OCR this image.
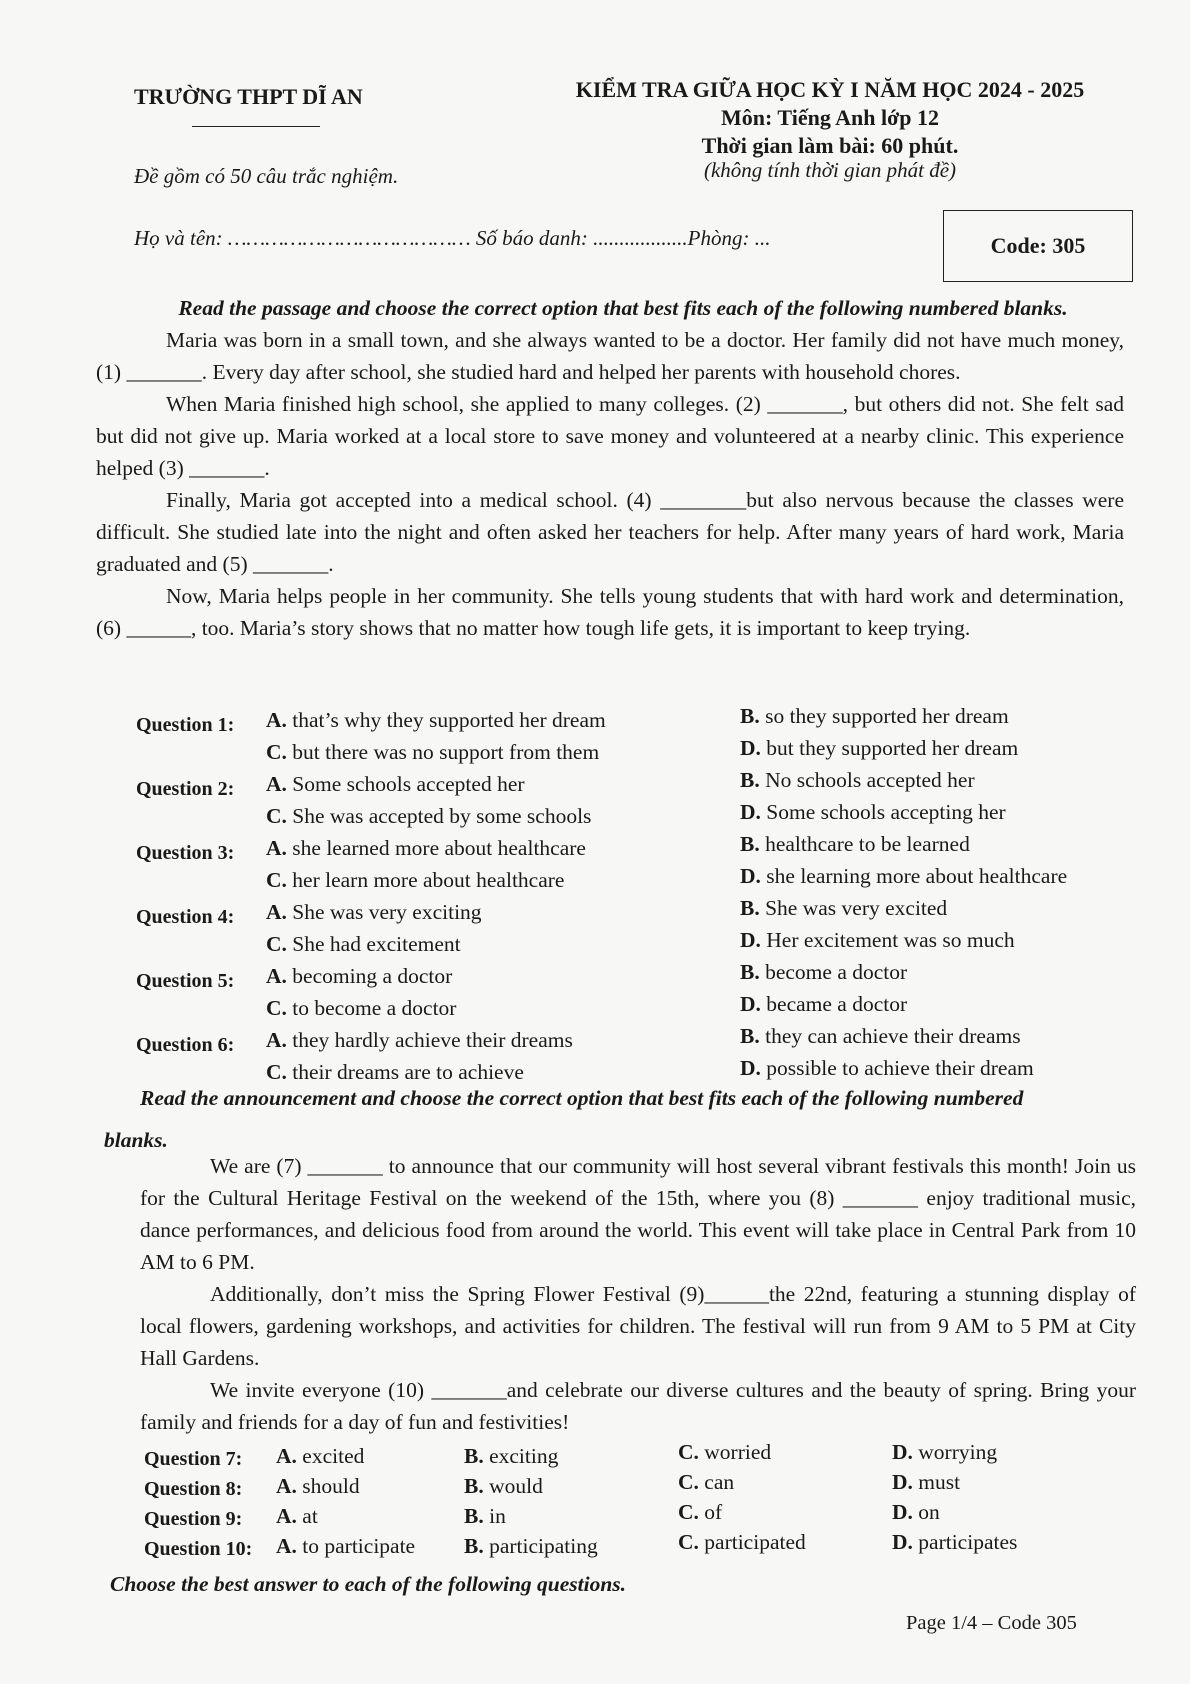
TRƯỜNG THPT DĨ AN	KIỂM TRA GIỮA HỌC KỲ I NĂM HỌC 2024 - 2025
Môn: Tiếng Anh lớp 12
Thời gian làm bài: 60 phút.
(không tính thời gian phát đề)
Đề gồm có 50 câu trắc nghiệm.
Họ và tên: ………………………………… Số báo danh: ..................Phòng: ...	Code: 305
Read the passage and choose the correct option that best fits each of the following numbered blanks.

Maria was born in a small town, and she always wanted to be a doctor. Her family did not have much money, (1) _______. Every day after school, she studied hard and helped her parents with household chores.

When Maria finished high school, she applied to many colleges. (2) _______, but others did not. She felt sad but did not give up. Maria worked at a local store to save money and volunteered at a nearby clinic. This experience helped (3) _______.

Finally, Maria got accepted into a medical school. (4) ________but also nervous because the classes were difficult. She studied late into the night and often asked her teachers for help. After many years of hard work, Maria graduated and (5) _______.

Now, Maria helps people in her community. She tells young students that with hard work and determination, (6) ______, too. Maria’s story shows that no matter how tough life gets, it is important to keep trying.

Question 1: A. that’s why they supported her dream	B. so they supported her dream
C. but there was no support from them	D. but they supported her dream
Question 2: A. Some schools accepted her	B. No schools accepted her
C. She was accepted by some schools	D. Some schools accepting her
Question 3: A. she learned more about healthcare	B. healthcare to be learned
C. her learn more about healthcare	D. she learning more about healthcare
Question 4: A. She was very exciting	B. She was very excited
C. She had excitement	D. Her excitement was so much
Question 5: A. becoming a doctor	B. become a doctor
C. to become a doctor	D. became a doctor
Question 6: A. they hardly achieve their dreams	B. they can achieve their dreams
C. their dreams are to achieve	D. possible to achieve their dream
Read the announcement and choose the correct option that best fits each of the following numbered
blanks.

We are (7) _______ to announce that our community will host several vibrant festivals this month! Join us for the Cultural Heritage Festival on the weekend of the 15th, where you (8) _______ enjoy traditional music, dance performances, and delicious food from around the world. This event will take place in Central Park from 10 AM to 6 PM.

Additionally, don’t miss the Spring Flower Festival (9)______the 22nd, featuring a stunning display of local flowers, gardening workshops, and activities for children. The festival will run from 9 AM to 5 PM at City Hall Gardens.

We invite everyone (10) _______and celebrate our diverse cultures and the beauty of spring. Bring your family and friends for a day of fun and festivities!

Question 7: A. excited	B. exciting	C. worried	D. worrying
Question 8: A. should	B. would	C. can	D. must
Question 9: A. at	B. in	C. of	D. on
Question 10: A. to participate B. participating	C. participated	D. participates
Choose the best answer to each of the following questions.
Page 1/4 – Code 305
